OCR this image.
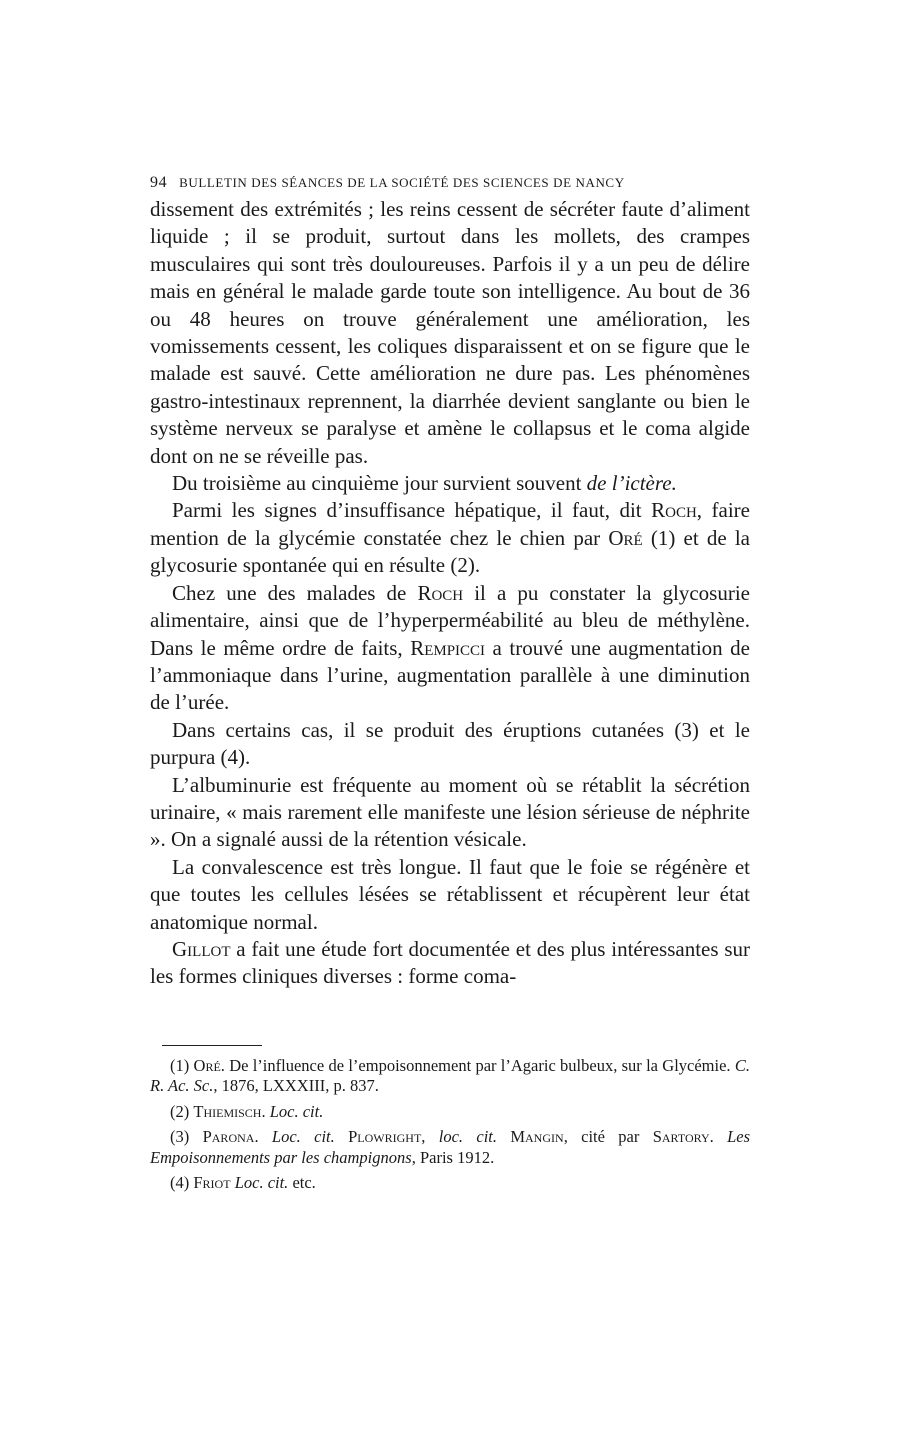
94 BULLETIN DES SÉANCES DE LA SOCIÉTÉ DES SCIENCES DE NANCY

dissement des extrémités ; les reins cessent de sécréter faute d’aliment liquide ; il se produit, surtout dans les mollets, des crampes musculaires qui sont très douloureuses. Parfois il y a un peu de délire mais en général le malade garde toute son intelligence. Au bout de 36 ou 48 heures on trouve généralement une amélioration, les vomissements cessent, les coliques disparaissent et on se figure que le malade est sauvé. Cette amélioration ne dure pas. Les phénomènes gastro-intestinaux reprennent, la diarrhée devient sanglante ou bien le système nerveux se paralyse et amène le collapsus et le coma algide dont on ne se réveille pas.

Du troisième au cinquième jour survient souvent de l’ictère.

Parmi les signes d’insuffisance hépatique, il faut, dit Roch, faire mention de la glycémie constatée chez le chien par Oré (1) et de la glycosurie spontanée qui en résulte (2).

Chez une des malades de Roch il a pu constater la glycosurie alimentaire, ainsi que de l’hyperperméabilité au bleu de méthylène. Dans le même ordre de faits, Rempicci a trouvé une augmentation de l’ammoniaque dans l’urine, augmentation parallèle à une diminution de l’urée.

Dans certains cas, il se produit des éruptions cutanées (3) et le purpura (4).

L’albuminurie est fréquente au moment où se rétablit la sécrétion urinaire, « mais rarement elle manifeste une lésion sérieuse de néphrite ». On a signalé aussi de la rétention vésicale.

La convalescence est très longue. Il faut que le foie se régénère et que toutes les cellules lésées se rétablissent et récupèrent leur état anatomique normal.

Gillot a fait une étude fort documentée et des plus intéressantes sur les formes cliniques diverses : forme coma-

(1) Oré. De l’influence de l’empoisonnement par l’Agaric bulbeux, sur la Glycémie. C. R. Ac. Sc., 1876, LXXXIII, p. 837.

(2) Thiemisch. Loc. cit.

(3) Parona. Loc. cit. Plowright, loc. cit. Mangin, cité par Sartory. Les Empoisonnements par les champignons, Paris 1912.

(4) Friot Loc. cit. etc.
